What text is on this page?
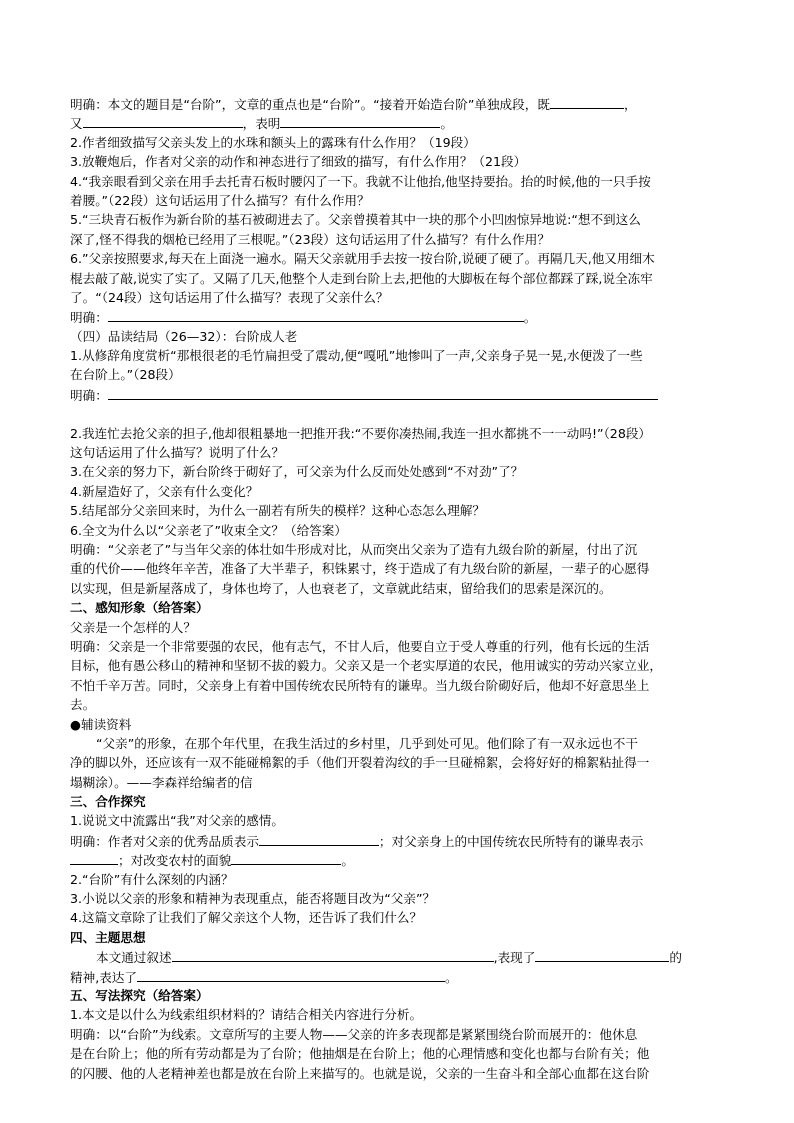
明确：本文的题目是“台阶”，文章的重点也是“台阶”。“接着开始造台阶”单独成段，既	，
又	，表明	。
2.作者细致描写父亲头发上的水珠和额头上的露珠有什么作用？（19段）
3.放鞭炮后，作者对父亲的动作和神态进行了细致的描写，有什么作用？（21段）
4.“我亲眼看到父亲在用手去托青石板时腰闪了一下。我就不让他抬,他坚持要抬。抬的时候,他的一只手按
着腰。”（22段）这句话运用了什么描写？有什么作用？
5.“三块青石板作为新台阶的基石被砌进去了。父亲曾摸着其中一块的那个小凹凼惊异地说:“想不到这么
深了,怪不得我的烟枪已经用了三根呢。”（23段）这句话运用了什么描写？有什么作用？
6.”父亲按照要求,每天在上面浇一遍水。隔天父亲就用手去按一按台阶,说硬了硬了。再隔几天,他又用细木
棍去敲了敲,说实了实了。又隔了几天,他整个人走到台阶上去,把他的大脚板在每个部位都踩了踩,说全冻牢
了。“（24段）这句话运用了什么描写？表现了父亲什么？
明确：	。
（四）品读结局（26—32）：台阶成人老
1.从修辞角度赏析“那根很老的毛竹扁担受了震动,便“嘎吼”地惨叫了一声,父亲身子晃一晃,水便泼了一些
在台阶上。”（28段）
明确：
2.我连忙去抢父亲的担子,他却很粗暴地一把推开我:“不要你凑热闹,我连一担水都挑不一一动吗!”（28段）
这句话运用了什么描写？说明了什么？
3.在父亲的努力下，新台阶终于砌好了，可父亲为什么反而处处感到“不对劲”了？
4.新屋造好了，父亲有什么变化？
5.结尾部分父亲回来时，为什么一副若有所失的模样？这种心态怎么理解？
6.全文为什么以“父亲老了”收束全文？（给答案）
明确：“父亲老了”与当年父亲的体壮如牛形成对比，从而突出父亲为了造有九级台阶的新屋，付出了沉
重的代价——他终年辛苦，准备了大半辈子，积铢累寸，终于造成了有九级台阶的新屋，一辈子的心愿得
以实现，但是新屋落成了，身体也垮了，人也衰老了，文章就此结束，留给我们的思索是深沉的。
二、感知形象（给答案）
父亲是一个怎样的人？
明确：父亲是一个非常要强的农民，他有志气，不甘人后，他要自立于受人尊重的行列，他有长远的生活
目标，他有愚公移山的精神和坚韧不拔的毅力。父亲又是一个老实厚道的农民，他用诚实的劳动兴家立业，
不怕千辛万苦。同时，父亲身上有着中国传统农民所特有的谦卑。当九级台阶砌好后，他却不好意思坐上
去。
●辅读资料
“父亲”的形象，在那个年代里，在我生活过的乡村里，几乎到处可见。他们除了有一双永远也不干
净的脚以外，还应该有一双不能碰棉絮的手（他们开裂着沟纹的手一旦碰棉絮，会将好好的棉絮粘扯得一
塌糊涂）。——李森祥给编者的信
三、合作探究
1.说说文中流露出“我”对父亲的感情。
明确：作者对父亲的优秀品质表示	；对父亲身上的中国传统农民所特有的谦卑表示
；对改变农村的面貌	。
2.“台阶”有什么深刻的内涵？
3.小说以父亲的形象和精神为表现重点，能否将题目改为“父亲”？
4.这篇文章除了让我们了解父亲这个人物，还告诉了我们什么？
四、主题思想
本文通过叙述	,表现了	的
精神,表达了	。
五、写法探究（给答案）
1.本文是以什么为线索组织材料的？请结合相关内容进行分析。
明确：以“台阶”为线索。文章所写的主要人物——父亲的许多表现都是紧紧围绕台阶而展开的：他休息
是在台阶上；他的所有劳动都是为了台阶；他抽烟是在台阶上；他的心理情感和变化也都与台阶有关；他
的闪腰、他的人老精神差也都是放在台阶上来描写的。也就是说，父亲的一生奋斗和全部心血都在这台阶
